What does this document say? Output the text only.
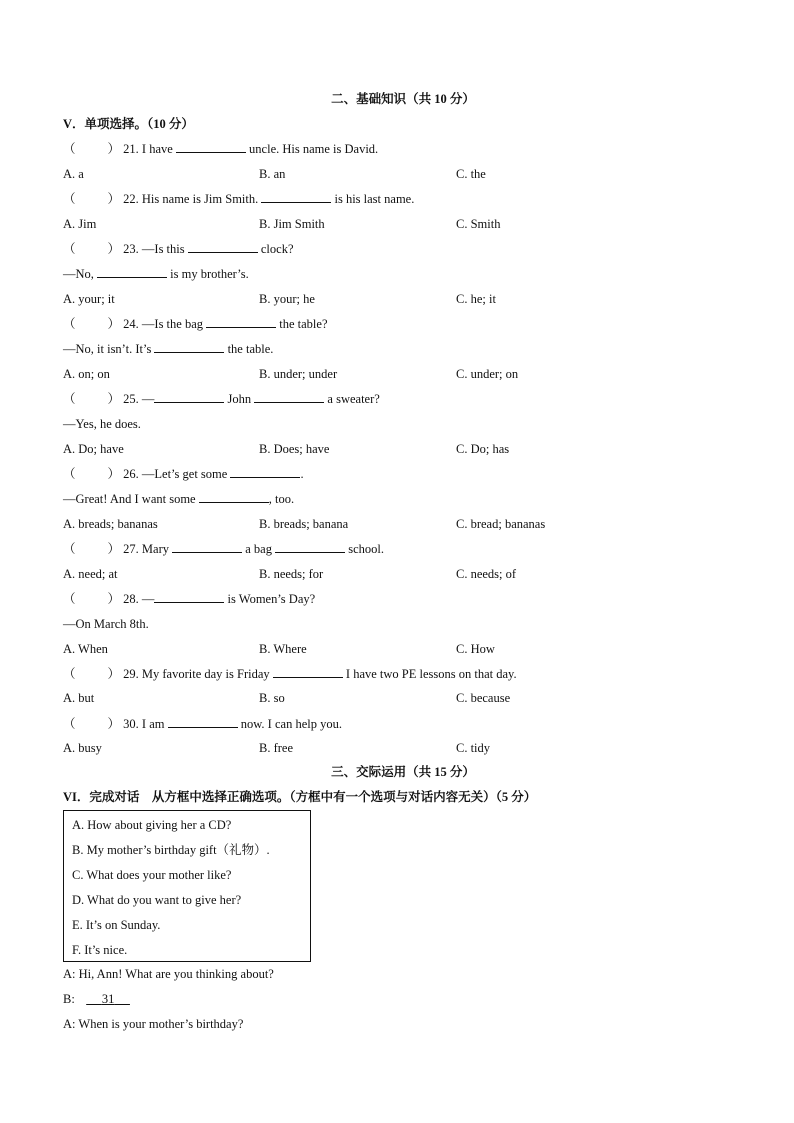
二、基础知识（共 10 分）
V．单项选择。（10 分）
（	） 21. I have	uncle. His name is David.
A. a	B. an	C. the
（	） 22. His name is Jim Smith.	is his last name.
A. Jim	B. Jim Smith	C. Smith
（	） 23. —Is this	clock?
—No,	is my brother’s.
A. your; it	B. your; he	C. he; it
（	） 24. —Is the bag	the table?
—No, it isn’t. It’s	the table.
A. on; on	B. under; under	C. under; on
（	） 25. —	John	a sweater?
—Yes, he does.
A. Do; have	B. Does; have	C. Do; has
（	） 26. —Let’s get some	.
—Great! And I want some	, too.
A. breads; bananas	B. breads; banana	C. bread; bananas
（	） 27. Mary	a bag	school.
A. need; at	B. needs; for	C. needs; of
（	） 28. —	is Women’s Day?
—On March 8th.
A. When	B. Where	C. How
（	） 29. My favorite day is Friday	I have two PE lessons on that day.
A. but	B. so	C. because
（	） 30. I am	now. I can help you.
A. busy	B. free	C. tidy
三、交际运用（共 15 分）
VI．完成对话　从方框中选择正确选项。（方框中有一个选项与对话内容无关）（5 分）
A. How about giving her a CD?
B. My mother’s birthday gift（礼物）.
C. What does your mother like?
D. What do you want to give her?
E. It’s on Sunday.
F. It’s nice.
A: Hi, Ann! What are you thinking about?
B: 31
A: When is your mother’s birthday?
